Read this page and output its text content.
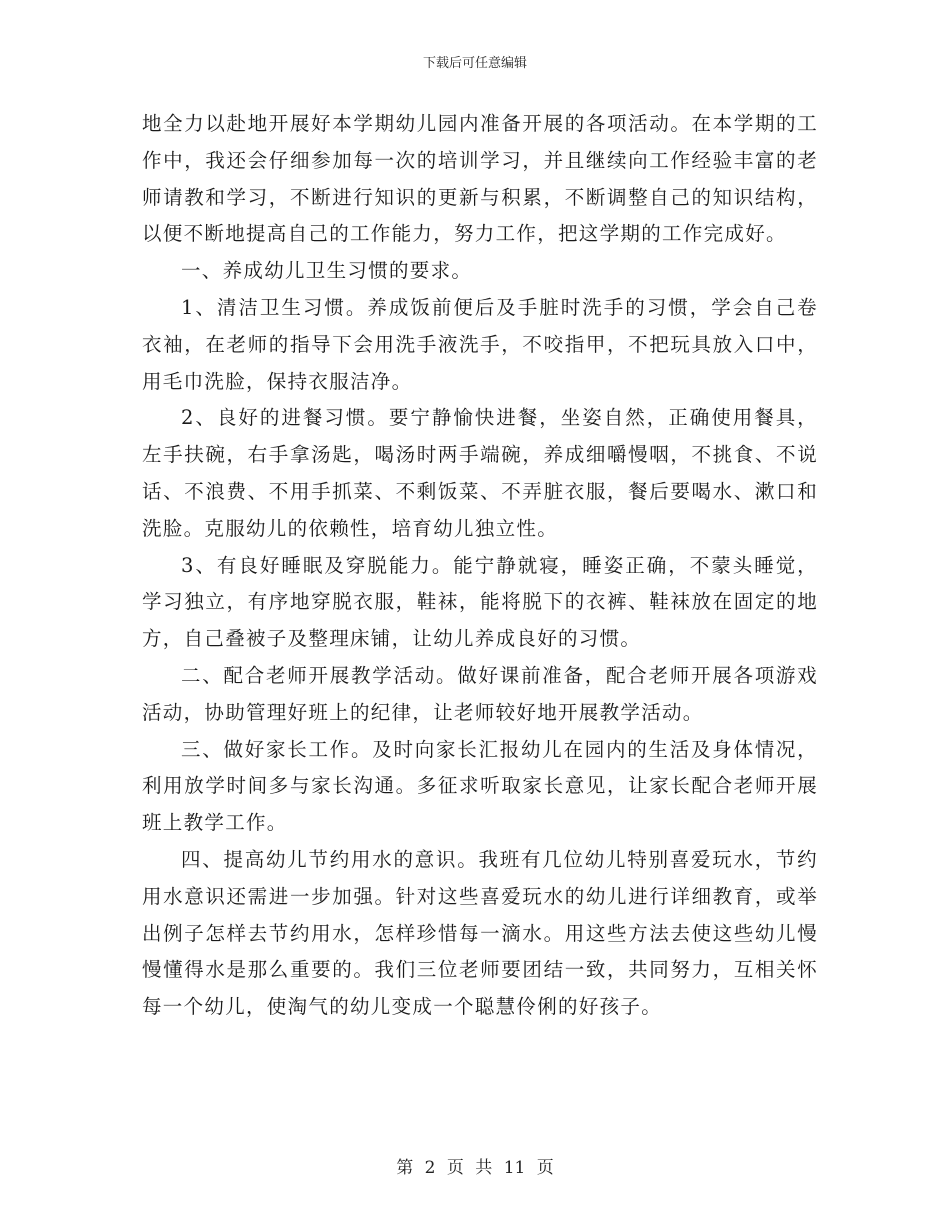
下载后可任意编辑

地全力以赴地开展好本学期幼儿园内准备开展的各项活动。在本学期的工作中，我还会仔细参加每一次的培训学习，并且继续向工作经验丰富的老师请教和学习，不断进行知识的更新与积累，不断调整自己的知识结构，以便不断地提高自己的工作能力，努力工作，把这学期的工作完成好。

一、养成幼儿卫生习惯的要求。

1、清洁卫生习惯。养成饭前便后及手脏时洗手的习惯，学会自己卷衣袖，在老师的指导下会用洗手液洗手，不咬指甲，不把玩具放入口中，用毛巾洗脸，保持衣服洁净。

2、良好的进餐习惯。要宁静愉快进餐，坐姿自然，正确使用餐具，左手扶碗，右手拿汤匙，喝汤时两手端碗，养成细嚼慢咽，不挑食、不说话、不浪费、不用手抓菜、不剩饭菜、不弄脏衣服，餐后要喝水、漱口和洗脸。克服幼儿的依赖性，培育幼儿独立性。

3、有良好睡眠及穿脱能力。能宁静就寝，睡姿正确，不蒙头睡觉，学习独立，有序地穿脱衣服，鞋袜，能将脱下的衣裤、鞋袜放在固定的地方，自己叠被子及整理床铺，让幼儿养成良好的习惯。

二、配合老师开展教学活动。做好课前准备，配合老师开展各项游戏活动，协助管理好班上的纪律，让老师较好地开展教学活动。

三、做好家长工作。及时向家长汇报幼儿在园内的生活及身体情况，利用放学时间多与家长沟通。多征求听取家长意见，让家长配合老师开展班上教学工作。

四、提高幼儿节约用水的意识。我班有几位幼儿特别喜爱玩水，节约用水意识还需进一步加强。针对这些喜爱玩水的幼儿进行详细教育，或举出例子怎样去节约用水，怎样珍惜每一滴水。用这些方法去使这些幼儿慢慢懂得水是那么重要的。我们三位老师要团结一致，共同努力，互相关怀每一个幼儿，使淘气的幼儿变成一个聪慧伶俐的好孩子。

第 2 页 共 11 页
